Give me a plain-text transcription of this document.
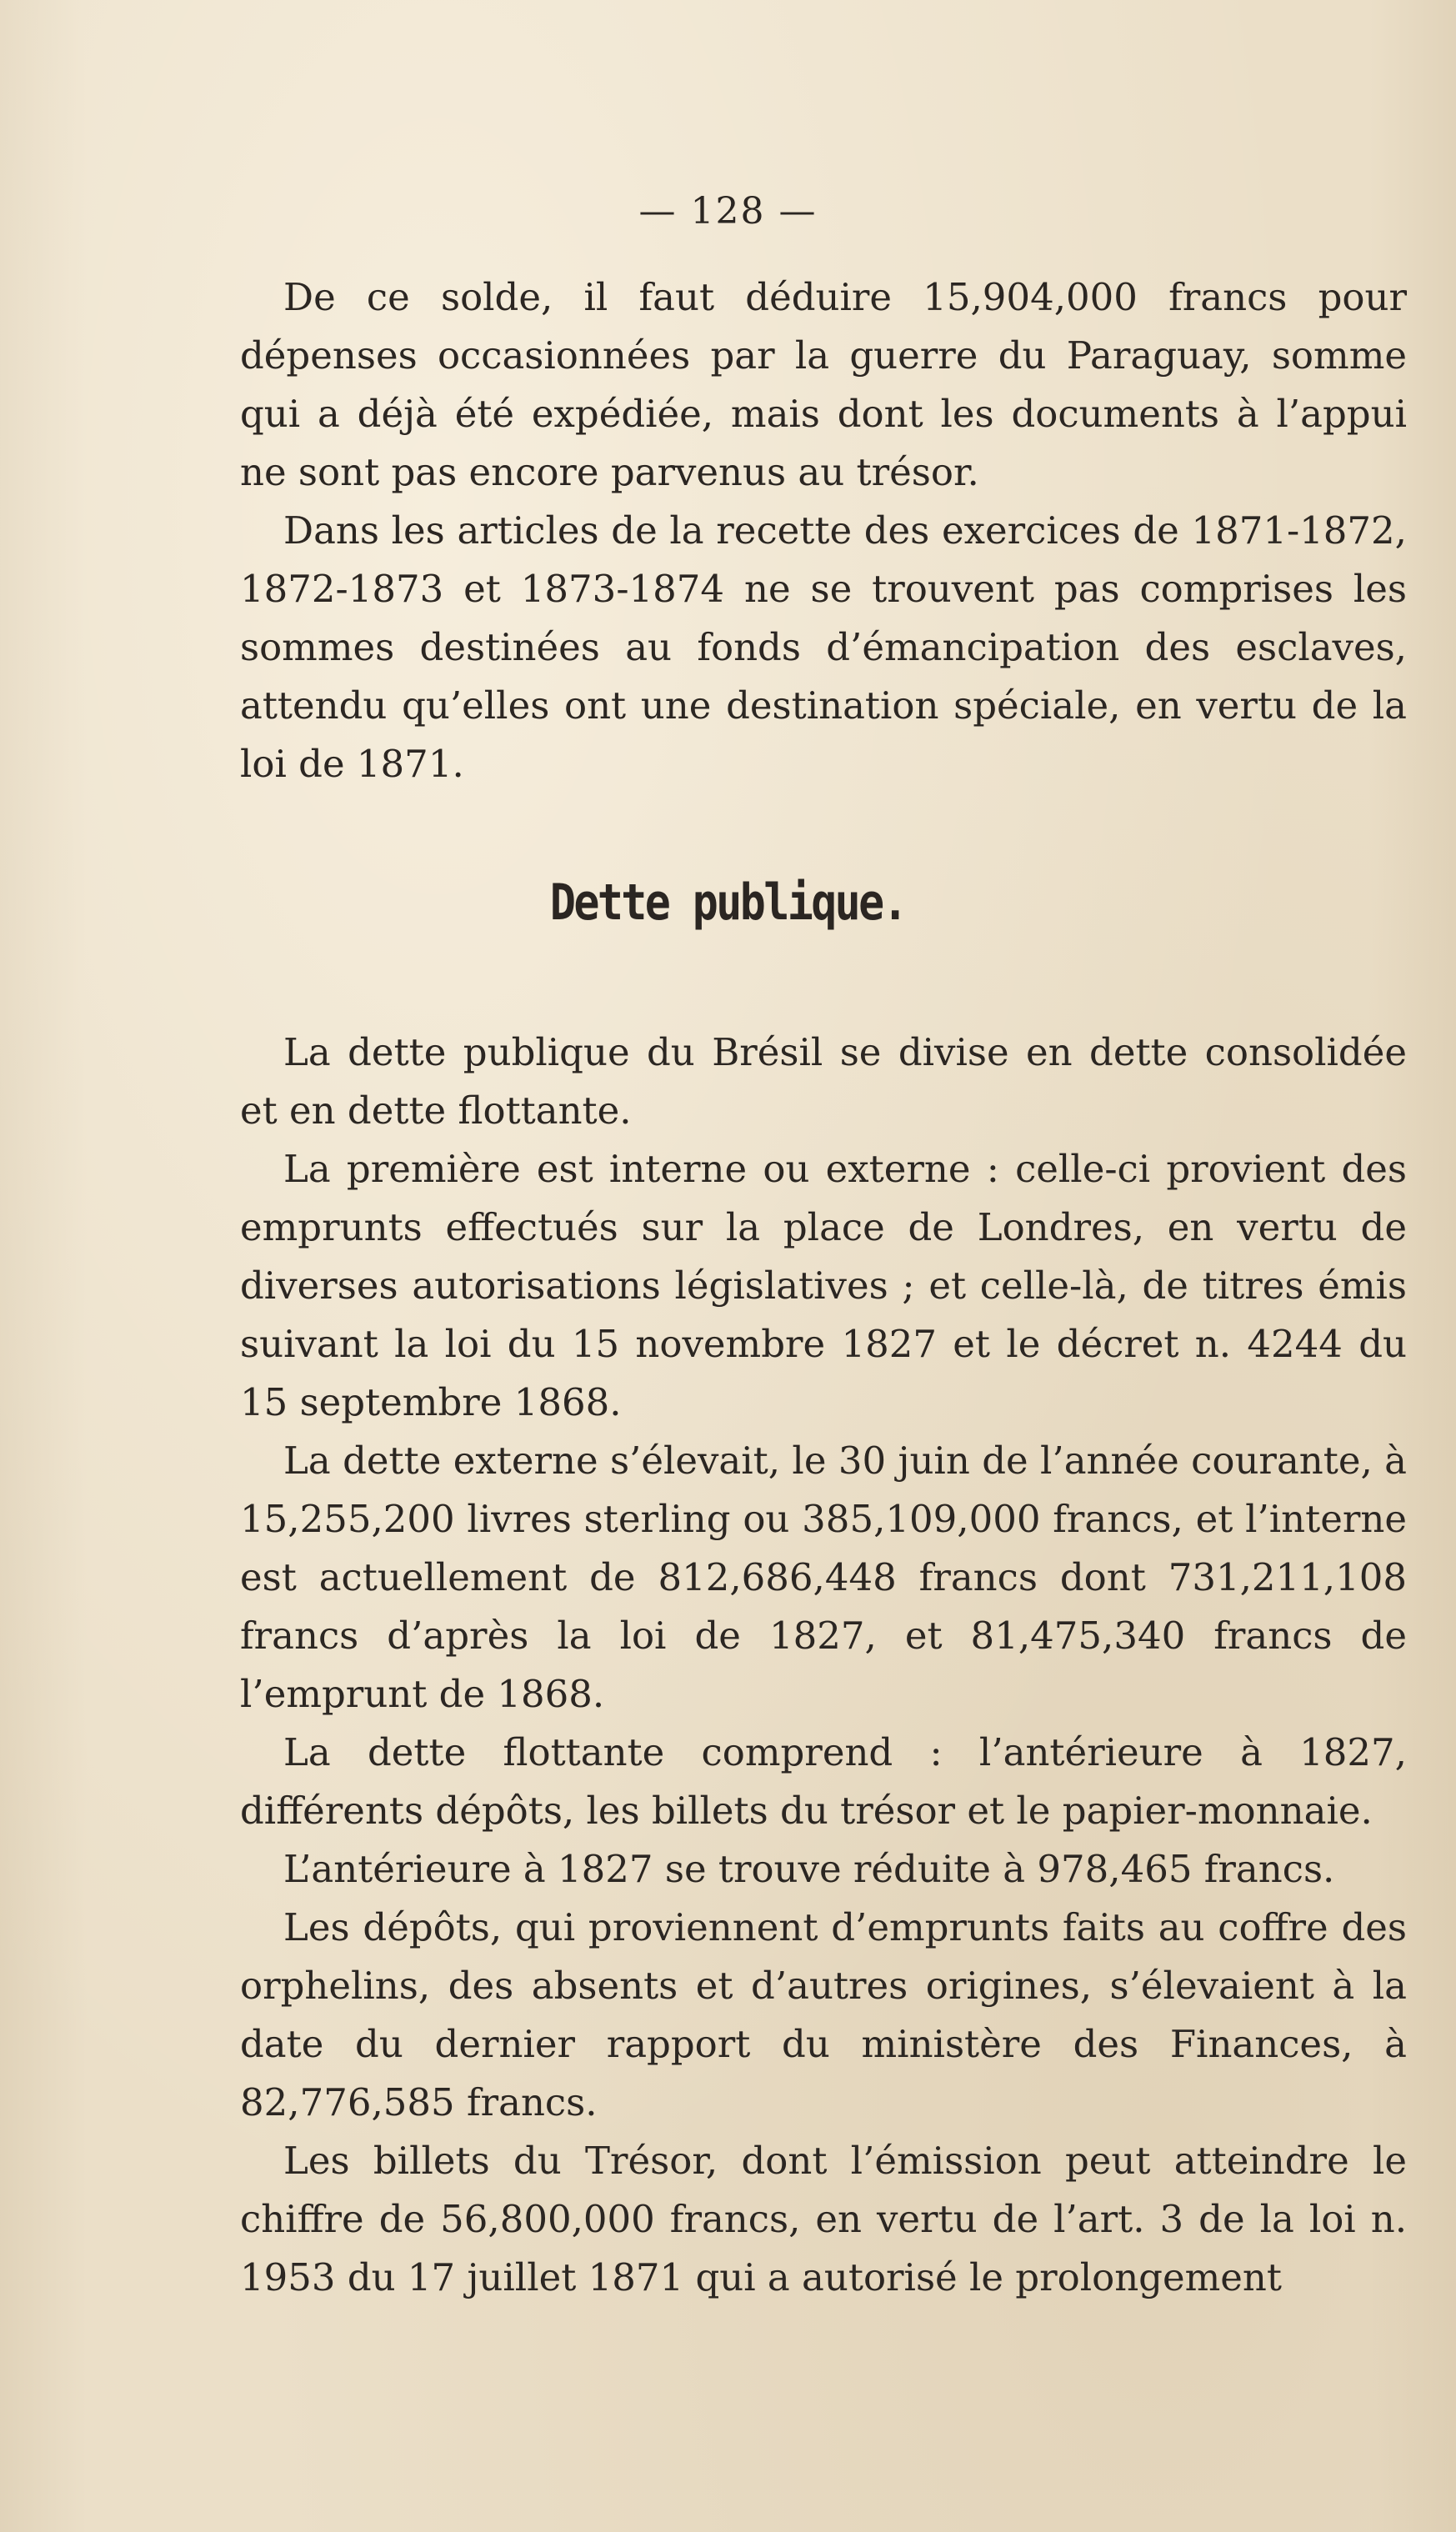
— 128 —

De ce solde, il faut déduire 15,904,000 francs pour dépenses occasionnées par la guerre du Paraguay, somme qui a déjà été expédiée, mais dont les documents à l’appui ne sont pas encore parvenus au trésor.

Dans les articles de la recette des exercices de 1871-1872, 1872-1873 et 1873-1874 ne se trouvent pas comprises les sommes destinées au fonds d’émancipation des esclaves, attendu qu’elles ont une destination spéciale, en vertu de la loi de 1871.

Dette publique.

La dette publique du Brésil se divise en dette consolidée et en dette flottante.

La première est interne ou externe : celle-ci provient des emprunts effectués sur la place de Londres, en vertu de diverses autorisations législatives ; et celle-là, de titres émis suivant la loi du 15 novembre 1827 et le décret n. 4244 du 15 septembre 1868.

La dette externe s’élevait, le 30 juin de l’année courante, à 15,255,200 livres sterling ou 385,109,000 francs, et l’interne est actuellement de 812,686,448 francs dont 731,211,108 francs d’après la loi de 1827, et 81,475,340 francs de l’emprunt de 1868.

La dette flottante comprend : l’antérieure à 1827, différents dépôts, les billets du trésor et le papier-monnaie.

L’antérieure à 1827 se trouve réduite à 978,465 francs.

Les dépôts, qui proviennent d’emprunts faits au coffre des orphelins, des absents et d’autres origines, s’élevaient à la date du dernier rapport du ministère des Finances, à 82,776,585 francs.

Les billets du Trésor, dont l’émission peut atteindre le chiffre de 56,800,000 francs, en vertu de l’art. 3 de la loi n. 1953 du 17 juillet 1871 qui a autorisé le prolongement
